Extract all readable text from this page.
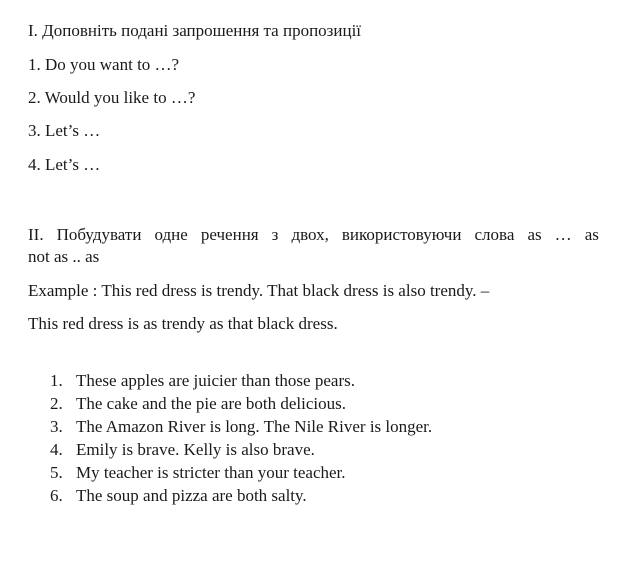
I. Доповніть подані запрошення та пропозиції
1. Do you want to …?
2. Would you like to …?
3. Let’s …
4. Let’s …
II. Побудувати одне речення з двох, використовуючи слова as … as
not as .. as
Example : This red dress is trendy. That black dress is also trendy. –
This red dress is as trendy as that black dress.
1. These apples are juicier than those pears.
2. The cake and the pie are both delicious.
3. The Amazon River is long. The Nile River is longer.
4. Emily is brave. Kelly is also brave.
5. My teacher is stricter than your teacher.
6. The soup and pizza are both salty.
